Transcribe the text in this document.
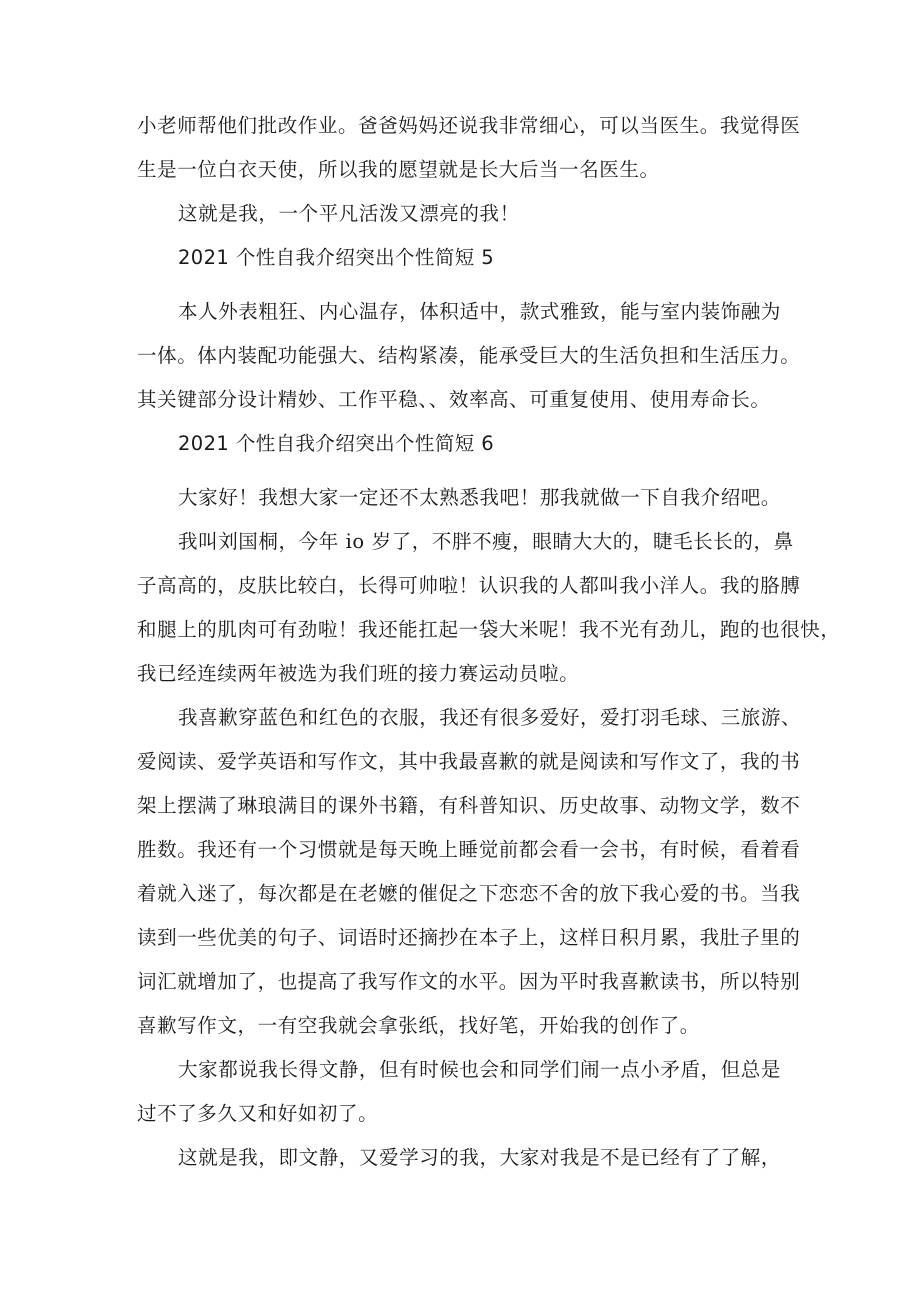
小老师帮他们批改作业。爸爸妈妈还说我非常细心，可以当医生。我觉得医
生是一位白衣天使，所以我的愿望就是长大后当一名医生。
这就是我，一个平凡活泼又漂亮的我！
2021 个性自我介绍突出个性简短 5
本人外表粗狂、内心温存，体积适中，款式雅致，能与室内装饰融为
一体。体内装配功能强大、结构紧凑，能承受巨大的生活负担和生活压力。
其关键部分设计精妙、工作平稳、、效率高、可重复使用、使用寿命长。
2021 个性自我介绍突出个性简短 6
大家好！我想大家一定还不太熟悉我吧！那我就做一下自我介绍吧。
我叫刘国桐，今年 io 岁了，不胖不瘦，眼睛大大的，睫毛长长的，鼻
子高高的，皮肤比较白，长得可帅啦！认识我的人都叫我小洋人。我的胳膊
和腿上的肌肉可有劲啦！我还能扛起一袋大米呢！我不光有劲儿，跑的也很快，
我已经连续两年被选为我们班的接力赛运动员啦。
我喜歉穿蓝色和红色的衣服，我还有很多爱好，爱打羽毛球、三旅游、
爱阅读、爱学英语和写作文，其中我最喜歉的就是阅读和写作文了，我的书
架上摆满了琳琅满目的课外书籍，有科普知识、历史故事、动物文学，数不
胜数。我还有一个习惯就是每天晚上睡觉前都会看一会书，有时候，看着看
着就入迷了，每次都是在老嬷的催促之下恋恋不舍的放下我心爱的书。当我
读到一些优美的句子、词语时还摘抄在本子上，这样日积月累，我肚子里的
词汇就增加了，也提高了我写作文的水平。因为平时我喜歉读书，所以特别
喜歉写作文，一有空我就会拿张纸，找好笔，开始我的创作了。
大家都说我长得文静，但有时候也会和同学们闹一点小矛盾，但总是
过不了多久又和好如初了。
这就是我，即文静，又爱学习的我，大家对我是不是已经有了了解，
